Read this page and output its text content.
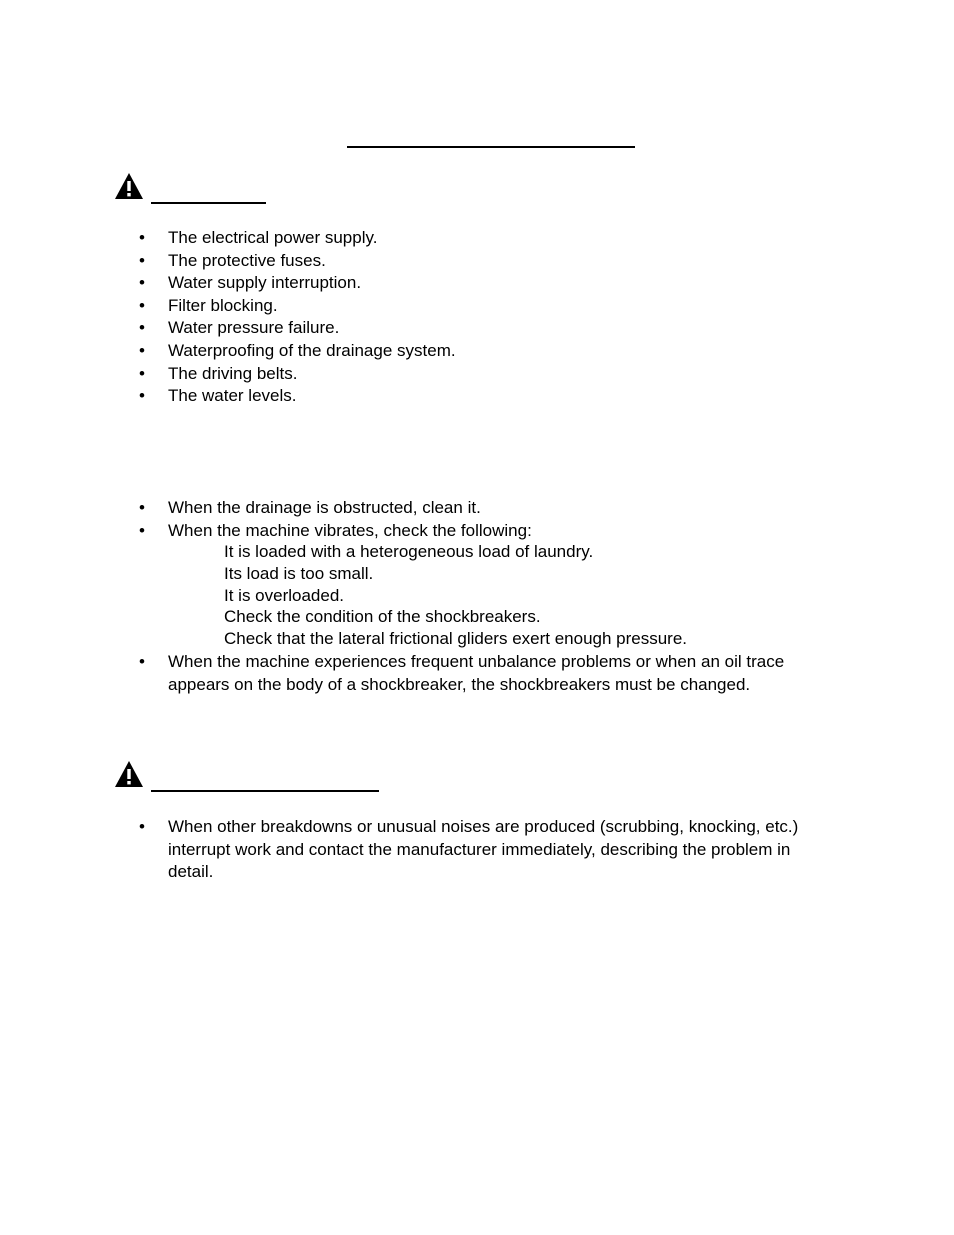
• The electrical power supply.
• The protective fuses.
• Water supply interruption.
• Filter blocking.
• Water pressure failure.
• Waterproofing of the drainage system.
• The driving belts.
• The water levels.
• When the drainage is obstructed, clean it.
• When the machine vibrates, check the following:
It is loaded with a heterogeneous load of laundry.
Its load is too small.
It is overloaded.
Check the condition of the shockbreakers.
Check that the lateral frictional gliders exert enough pressure.
• When the machine experiences frequent unbalance problems or when an oil trace appears on the body of a shockbreaker, the shockbreakers must be changed.
• When other breakdowns or unusual noises are produced (scrubbing, knocking, etc.) interrupt work and contact the manufacturer immediately, describing the problem in detail.
